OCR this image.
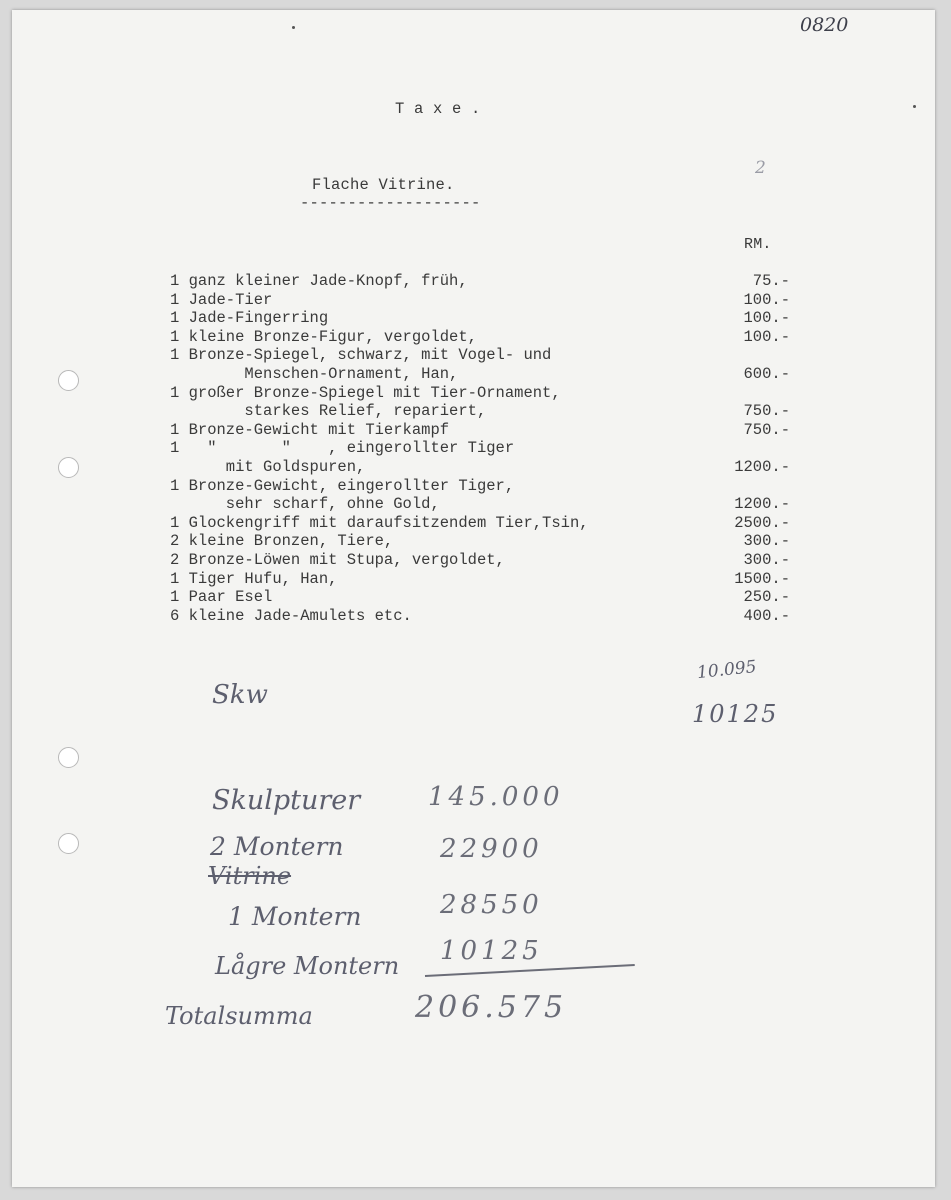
0820
2
T a x e .
Flache Vitrine.
-------------------
RM.
1 ganz kleiner Jade-Knopf, früh,	75.-
1 Jade-Tier	100.-
1 Jade-Fingerring	100.-
1 kleine Bronze-Figur, vergoldet,	100.-
1 Bronze-Spiegel, schwarz, mit Vogel- und
Menschen-Ornament, Han,	600.-
1 großer Bronze-Spiegel mit Tier-Ornament,
starkes Relief, repariert,	750.-
1 Bronze-Gewicht mit Tierkampf	750.-
1   "       "    , eingerollter Tiger
mit Goldspuren,	1200.-
1 Bronze-Gewicht, eingerollter Tiger,
sehr scharf, ohne Gold,	1200.-
1 Glockengriff mit daraufsitzendem Tier,Tsin,	2500.-
2 kleine Bronzen, Tiere,	300.-
2 Bronze-Löwen mit Stupa, vergoldet,	300.-
1 Tiger Hufu, Han,	1500.-
1 Paar Esel	250.-
6 kleine Jade-Amulets etc.	400.-
10.095
10125
Skw
Skulpturer	145.000
2 Montern	22900
Vitrine
1 Montern	28550
Lågre Montern 10125
Totalsumma	206.575
